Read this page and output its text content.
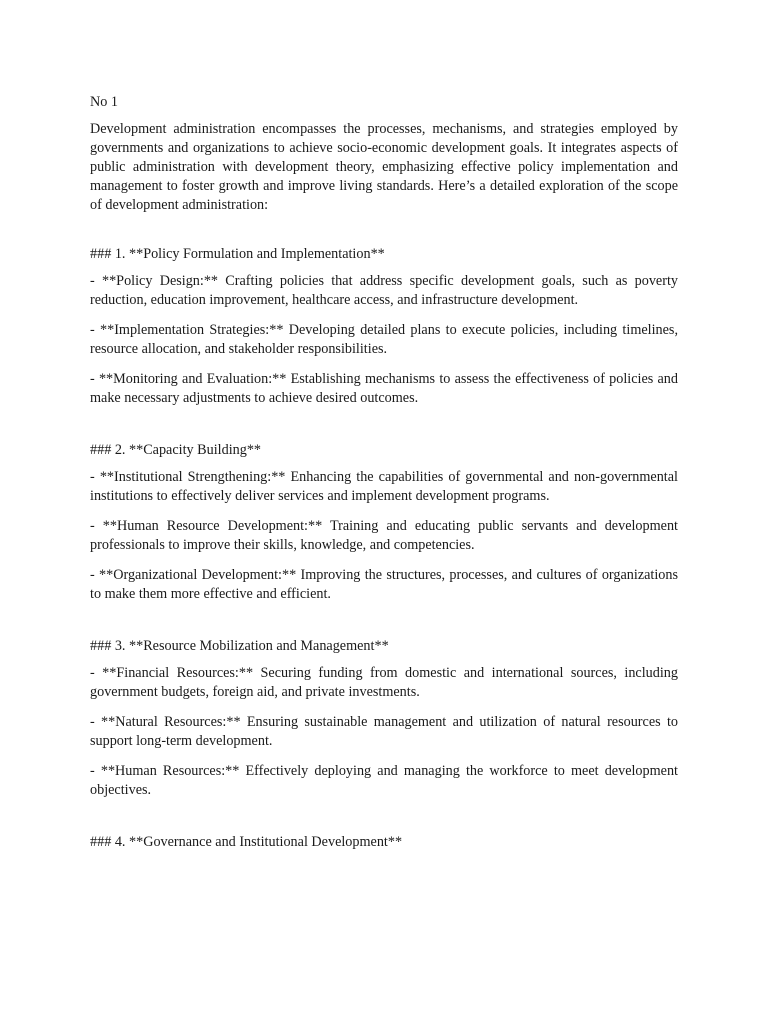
No 1

Development administration encompasses the processes, mechanisms, and strategies employed by governments and organizations to achieve socio-economic development goals. It integrates aspects of public administration with development theory, emphasizing effective policy implementation and management to foster growth and improve living standards. Here’s a detailed exploration of the scope of development administration:

### 1. **Policy Formulation and Implementation**

- **Policy Design:** Crafting policies that address specific development goals, such as poverty reduction, education improvement, healthcare access, and infrastructure development.

- **Implementation Strategies:** Developing detailed plans to execute policies, including timelines, resource allocation, and stakeholder responsibilities.

- **Monitoring and Evaluation:** Establishing mechanisms to assess the effectiveness of policies and make necessary adjustments to achieve desired outcomes.

### 2. **Capacity Building**

- **Institutional Strengthening:** Enhancing the capabilities of governmental and non-governmental institutions to effectively deliver services and implement development programs.

- **Human Resource Development:** Training and educating public servants and development professionals to improve their skills, knowledge, and competencies.

- **Organizational Development:** Improving the structures, processes, and cultures of organizations to make them more effective and efficient.

### 3. **Resource Mobilization and Management**

- **Financial Resources:** Securing funding from domestic and international sources, including government budgets, foreign aid, and private investments.

- **Natural Resources:** Ensuring sustainable management and utilization of natural resources to support long-term development.

- **Human Resources:** Effectively deploying and managing the workforce to meet development objectives.

### 4. **Governance and Institutional Development**
